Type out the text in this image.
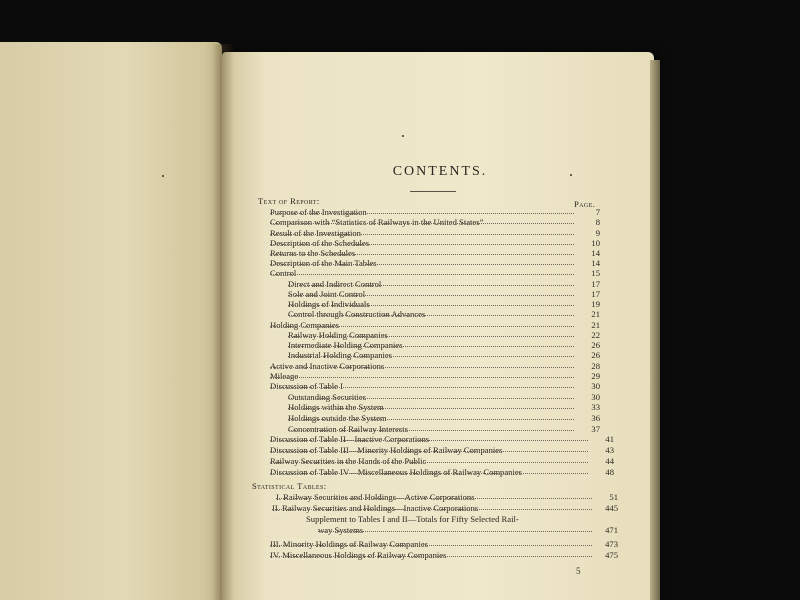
CONTENTS.
Page.
Text of Report:
Purpose of the Investigation	7
Comparison with “Statistics of Railways in the United States”	8
Result of the Investigation	9
Description of the Schedules	10
Returns to the Schedules	14
Description of the Main Tables	14
Control	15
Direct and Indirect Control	17
Sole and Joint Control	17
Holdings of Individuals	19
Control through Construction Advances	21
Holding Companies	21
Railway Holding Companies	22
Intermediate Holding Companies	26
Industrial Holding Companies	26
Active and Inactive Corporations	28
Mileage	29
Discussion of Table I	30
Outstanding Securities	30
Holdings within the System	33
Holdings outside the System	36
Concentration of Railway Interests	37
Discussion of Table II—Inactive Corporations	41
Discussion of Table III—Minority Holdings of Railway Companies	43
Railway Securities in the Hands of the Public	44
Discussion of Table IV—Miscellaneous Holdings of Railway Companies	48
Statistical Tables:
I. Railway Securities and Holdings—Active Corporations	51
II. Railway Securities and Holdings—Inactive Corporations	445
Supplement to Tables I and II—Totals for Fifty Selected Rail-
way Systems	471
III. Minority Holdings of Railway Companies	473
IV. Miscellaneous Holdings of Railway Companies	475
5
